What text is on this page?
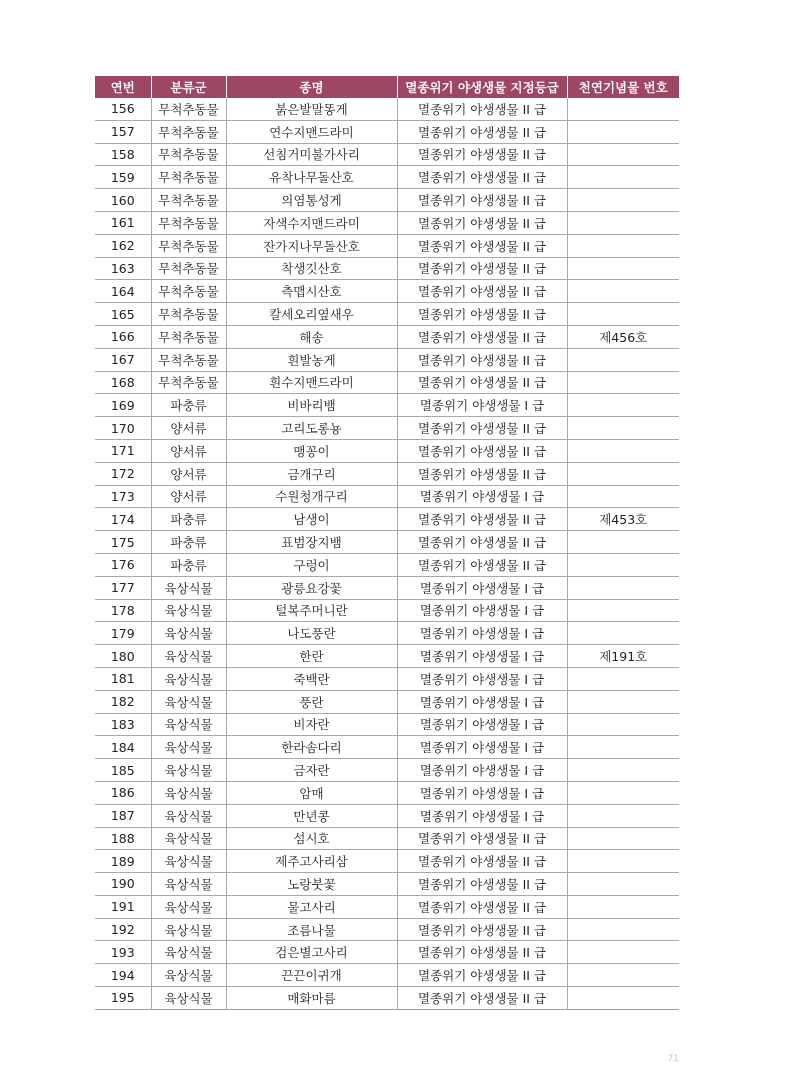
연번	분류군	종명	멸종위기 야생생물 지정등급	천연기념물 번호
156	무척추동물	붉은발말똥게	멸종위기 야생생물 II 급	
157	무척추동물	연수지맨드라미	멸종위기 야생생물 II 급	
158	무척추동물	선침거미불가사리	멸종위기 야생생물 II 급	
159	무척추동물	유착나무돌산호	멸종위기 야생생물 II 급	
160	무척추동물	의염통성게	멸종위기 야생생물 II 급	
161	무척추동물	자색수지맨드라미	멸종위기 야생생물 II 급	
162	무척추동물	잔가지나무돌산호	멸종위기 야생생물 II 급	
163	무척추동물	착생깃산호	멸종위기 야생생물 II 급	
164	무척추동물	측맵시산호	멸종위기 야생생물 II 급	
165	무척추동물	칼세오리옆새우	멸종위기 야생생물 II 급	
166	무척추동물	해송	멸종위기 야생생물 II 급	제456호
167	무척추동물	흰발농게	멸종위기 야생생물 II 급	
168	무척추동물	흰수지맨드라미	멸종위기 야생생물 II 급	
169	파충류	비바리뱀	멸종위기 야생생물 I 급	
170	양서류	고리도롱뇽	멸종위기 야생생물 II 급	
171	양서류	맹꽁이	멸종위기 야생생물 II 급	
172	양서류	금개구리	멸종위기 야생생물 II 급	
173	양서류	수원청개구리	멸종위기 야생생물 I 급	
174	파충류	남생이	멸종위기 야생생물 II 급	제453호
175	파충류	표범장지뱀	멸종위기 야생생물 II 급	
176	파충류	구렁이	멸종위기 야생생물 II 급	
177	육상식물	광릉요강꽃	멸종위기 야생생물 I 급	
178	육상식물	털복주머니란	멸종위기 야생생물 I 급	
179	육상식물	나도풍란	멸종위기 야생생물 I 급	
180	육상식물	한란	멸종위기 야생생물 I 급	제191호
181	육상식물	죽백란	멸종위기 야생생물 I 급	
182	육상식물	풍란	멸종위기 야생생물 I 급	
183	육상식물	비자란	멸종위기 야생생물 I 급	
184	육상식물	한라솜다리	멸종위기 야생생물 I 급	
185	육상식물	금자란	멸종위기 야생생물 I 급	
186	육상식물	암매	멸종위기 야생생물 I 급	
187	육상식물	만년콩	멸종위기 야생생물 I 급	
188	육상식물	섬시호	멸종위기 야생생물 II 급	
189	육상식물	제주고사리삼	멸종위기 야생생물 II 급	
190	육상식물	노랑붓꽃	멸종위기 야생생물 II 급	
191	육상식물	물고사리	멸종위기 야생생물 II 급	
192	육상식물	조름나물	멸종위기 야생생물 II 급	
193	육상식물	검은별고사리	멸종위기 야생생물 II 급	
194	육상식물	끈끈이귀개	멸종위기 야생생물 II 급	
195	육상식물	매화마름	멸종위기 야생생물 II 급	
71
